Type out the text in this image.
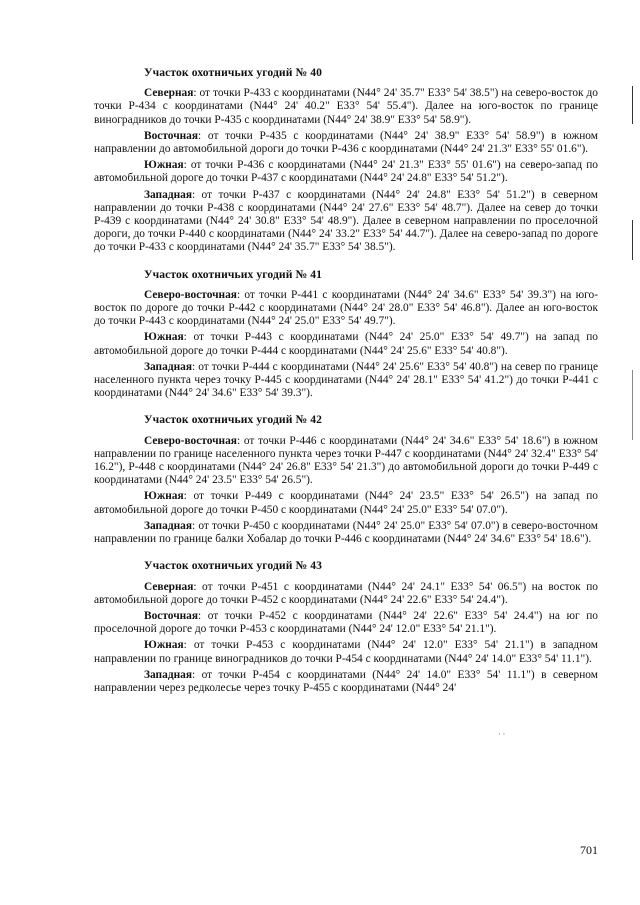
· ·
Участок охотничьих угодий № 40

Северная: от точки Р-433 с координатами (N44° 24' 35.7" E33° 54' 38.5") на северо-восток до точки Р-434 с координатами (N44° 24' 40.2" E33° 54' 55.4"). Далее на юго-восток по границе виноградников до точки Р-435 с координатами (N44° 24' 38.9" E33° 54' 58.9").

Восточная: от точки Р-435 с координатами (N44° 24' 38.9" E33° 54' 58.9") в южном направлении до автомобильной дороги до точки Р-436 с координатами (N44° 24' 21.3" E33° 55' 01.6").

Южная: от точки Р-436 с координатами (N44° 24' 21.3" E33° 55' 01.6") на северо-запад по автомобильной дороге до точки Р-437 с координатами (N44° 24' 24.8" E33° 54' 51.2").

Западная: от точки Р-437 с координатами (N44° 24' 24.8" E33° 54' 51.2") в северном направлении до точки Р-438 с координатами (N44° 24' 27.6" E33° 54' 48.7"). Далее на север до точки Р-439 с координатами (N44° 24' 30.8" E33° 54' 48.9"). Далее в северном направлении по проселочной дороги, до точки Р-440 с координатами (N44° 24' 33.2" E33° 54' 44.7"). Далее на северо-запад по дороге до точки Р-433 с координатами (N44° 24' 35.7" E33° 54' 38.5").

Участок охотничьих угодий № 41

Северо-восточная: от точки Р-441 с координатами (N44° 24' 34.6" E33° 54' 39.3") на юго-восток по дороге до точки Р-442 с координатами (N44° 24' 28.0" E33° 54' 46.8"). Далее ан юго-восток до точки Р-443 с координатами (N44° 24' 25.0" E33° 54' 49.7").

Южная: от точки Р-443 с координатами (N44° 24' 25.0" E33° 54' 49.7") на запад по автомобильной дороге до точки Р-444 с координатами (N44° 24' 25.6" E33° 54' 40.8").

Западная: от точки Р-444 с координатами (N44° 24' 25.6" E33° 54' 40.8") на север по границе населенного пункта через точку Р-445 с координатами (N44° 24' 28.1" E33° 54' 41.2") до точки Р-441 с координатами (N44° 24' 34.6" E33° 54' 39.3").

Участок охотничьих угодий № 42

Северо-восточная: от точки Р-446 с координатами (N44° 24' 34.6" E33° 54' 18.6") в южном направлении по границе населенного пункта через точки Р-447 с координатами (N44° 24' 32.4" E33° 54' 16.2"), Р-448 с координатами (N44° 24' 26.8" E33° 54' 21.3") до автомобильной дороги до точки Р-449 с координатами (N44° 24' 23.5" E33° 54' 26.5").

Южная: от точки Р-449 с координатами (N44° 24' 23.5" E33° 54' 26.5") на запад по автомобильной дороге до точки Р-450 с координатами (N44° 24' 25.0" E33° 54' 07.0").

Западная: от точки Р-450 с координатами (N44° 24' 25.0" E33° 54' 07.0") в северо-восточном направлении по границе балки Хобалар до точки Р-446 с координатами (N44° 24' 34.6" E33° 54' 18.6").

Участок охотничьих угодий № 43

Северная: от точки Р-451 с координатами (N44° 24' 24.1" E33° 54' 06.5") на восток по автомобильной дороге до точки Р-452 с координатами (N44° 24' 22.6" E33° 54' 24.4").

Восточная: от точки Р-452 с координатами (N44° 24' 22.6" E33° 54' 24.4") на юг по проселочной дороге до точки Р-453 с координатами (N44° 24' 12.0" E33° 54' 21.1").

Южная: от точки Р-453 с координатами (N44° 24' 12.0" E33° 54' 21.1") в западном направлении по границе виноградников до точки Р-454 с координатами (N44° 24' 14.0" E33° 54' 11.1").

Западная: от точки Р-454 с координатами (N44° 24' 14.0" E33° 54' 11.1") в северном направлении через редколесье через точку Р-455 с координатами (N44° 24'

701
